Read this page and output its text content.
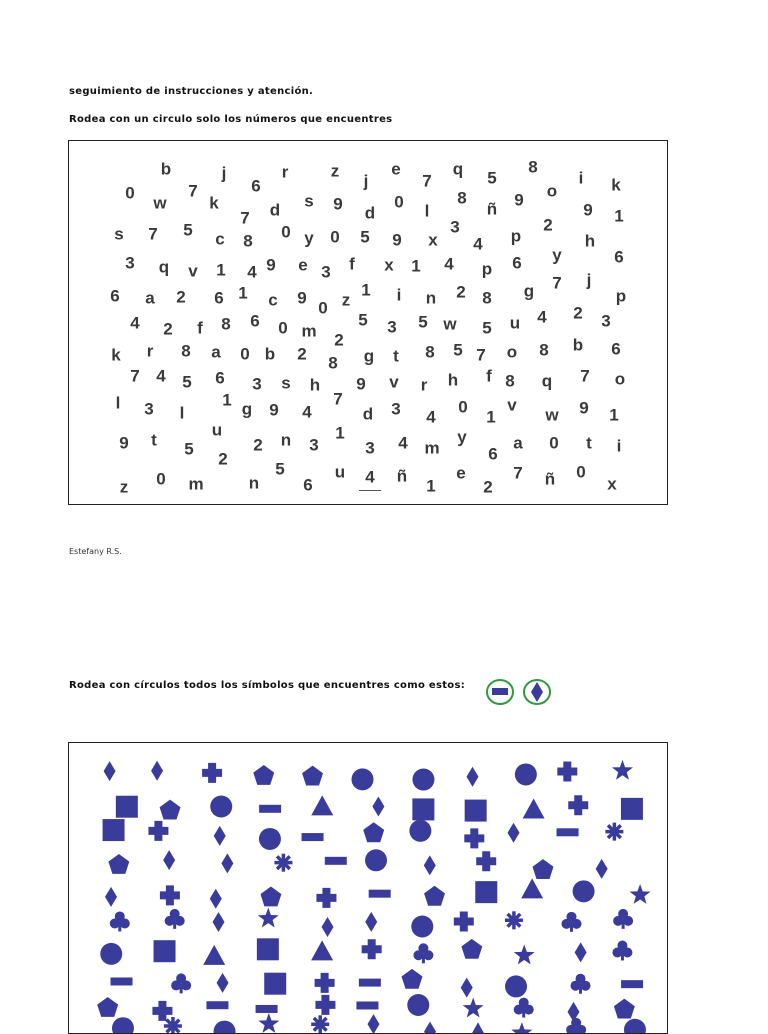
seguimiento de instrucciones y atención.
Rodea con un circulo solo los números que encuentres
b	j	r z	e	q	8
0
w
7
k
6
s 9
j
0
7
8
5
ñ 9 o
i k
7 d	d	l	9 1
s 7 5 c 8 0 y 0 5 9 x
3
4 p
2
h
3 q v 1 4 9 e 3 f x 1 4 p 6 y	6
6 a 2 6 1 c 9
0 z
1 i n 2 8 g 7 j
p
4 2 f 8 6 0 m 2
5 3 5 w 5 u 4 2 3
k r 8 a 0 b 2 8 g t 8 5 7 o 8 b 6
7 4 5 6 3 s h 9 v r h f 8 q 7 o
l 3 l
1 g 9 4
7
d 3 4
0
1
v
w 9 1
9 t
u
5	2 n 3
1
3 4 m
y
6
a 0 t i
2
5
z 0 m	n	6
u 4 ñ
1
e
2
7 ñ 0
x
Estefany R.S.
Rodea con círculos todos los símbolos que encuentres como estos:
